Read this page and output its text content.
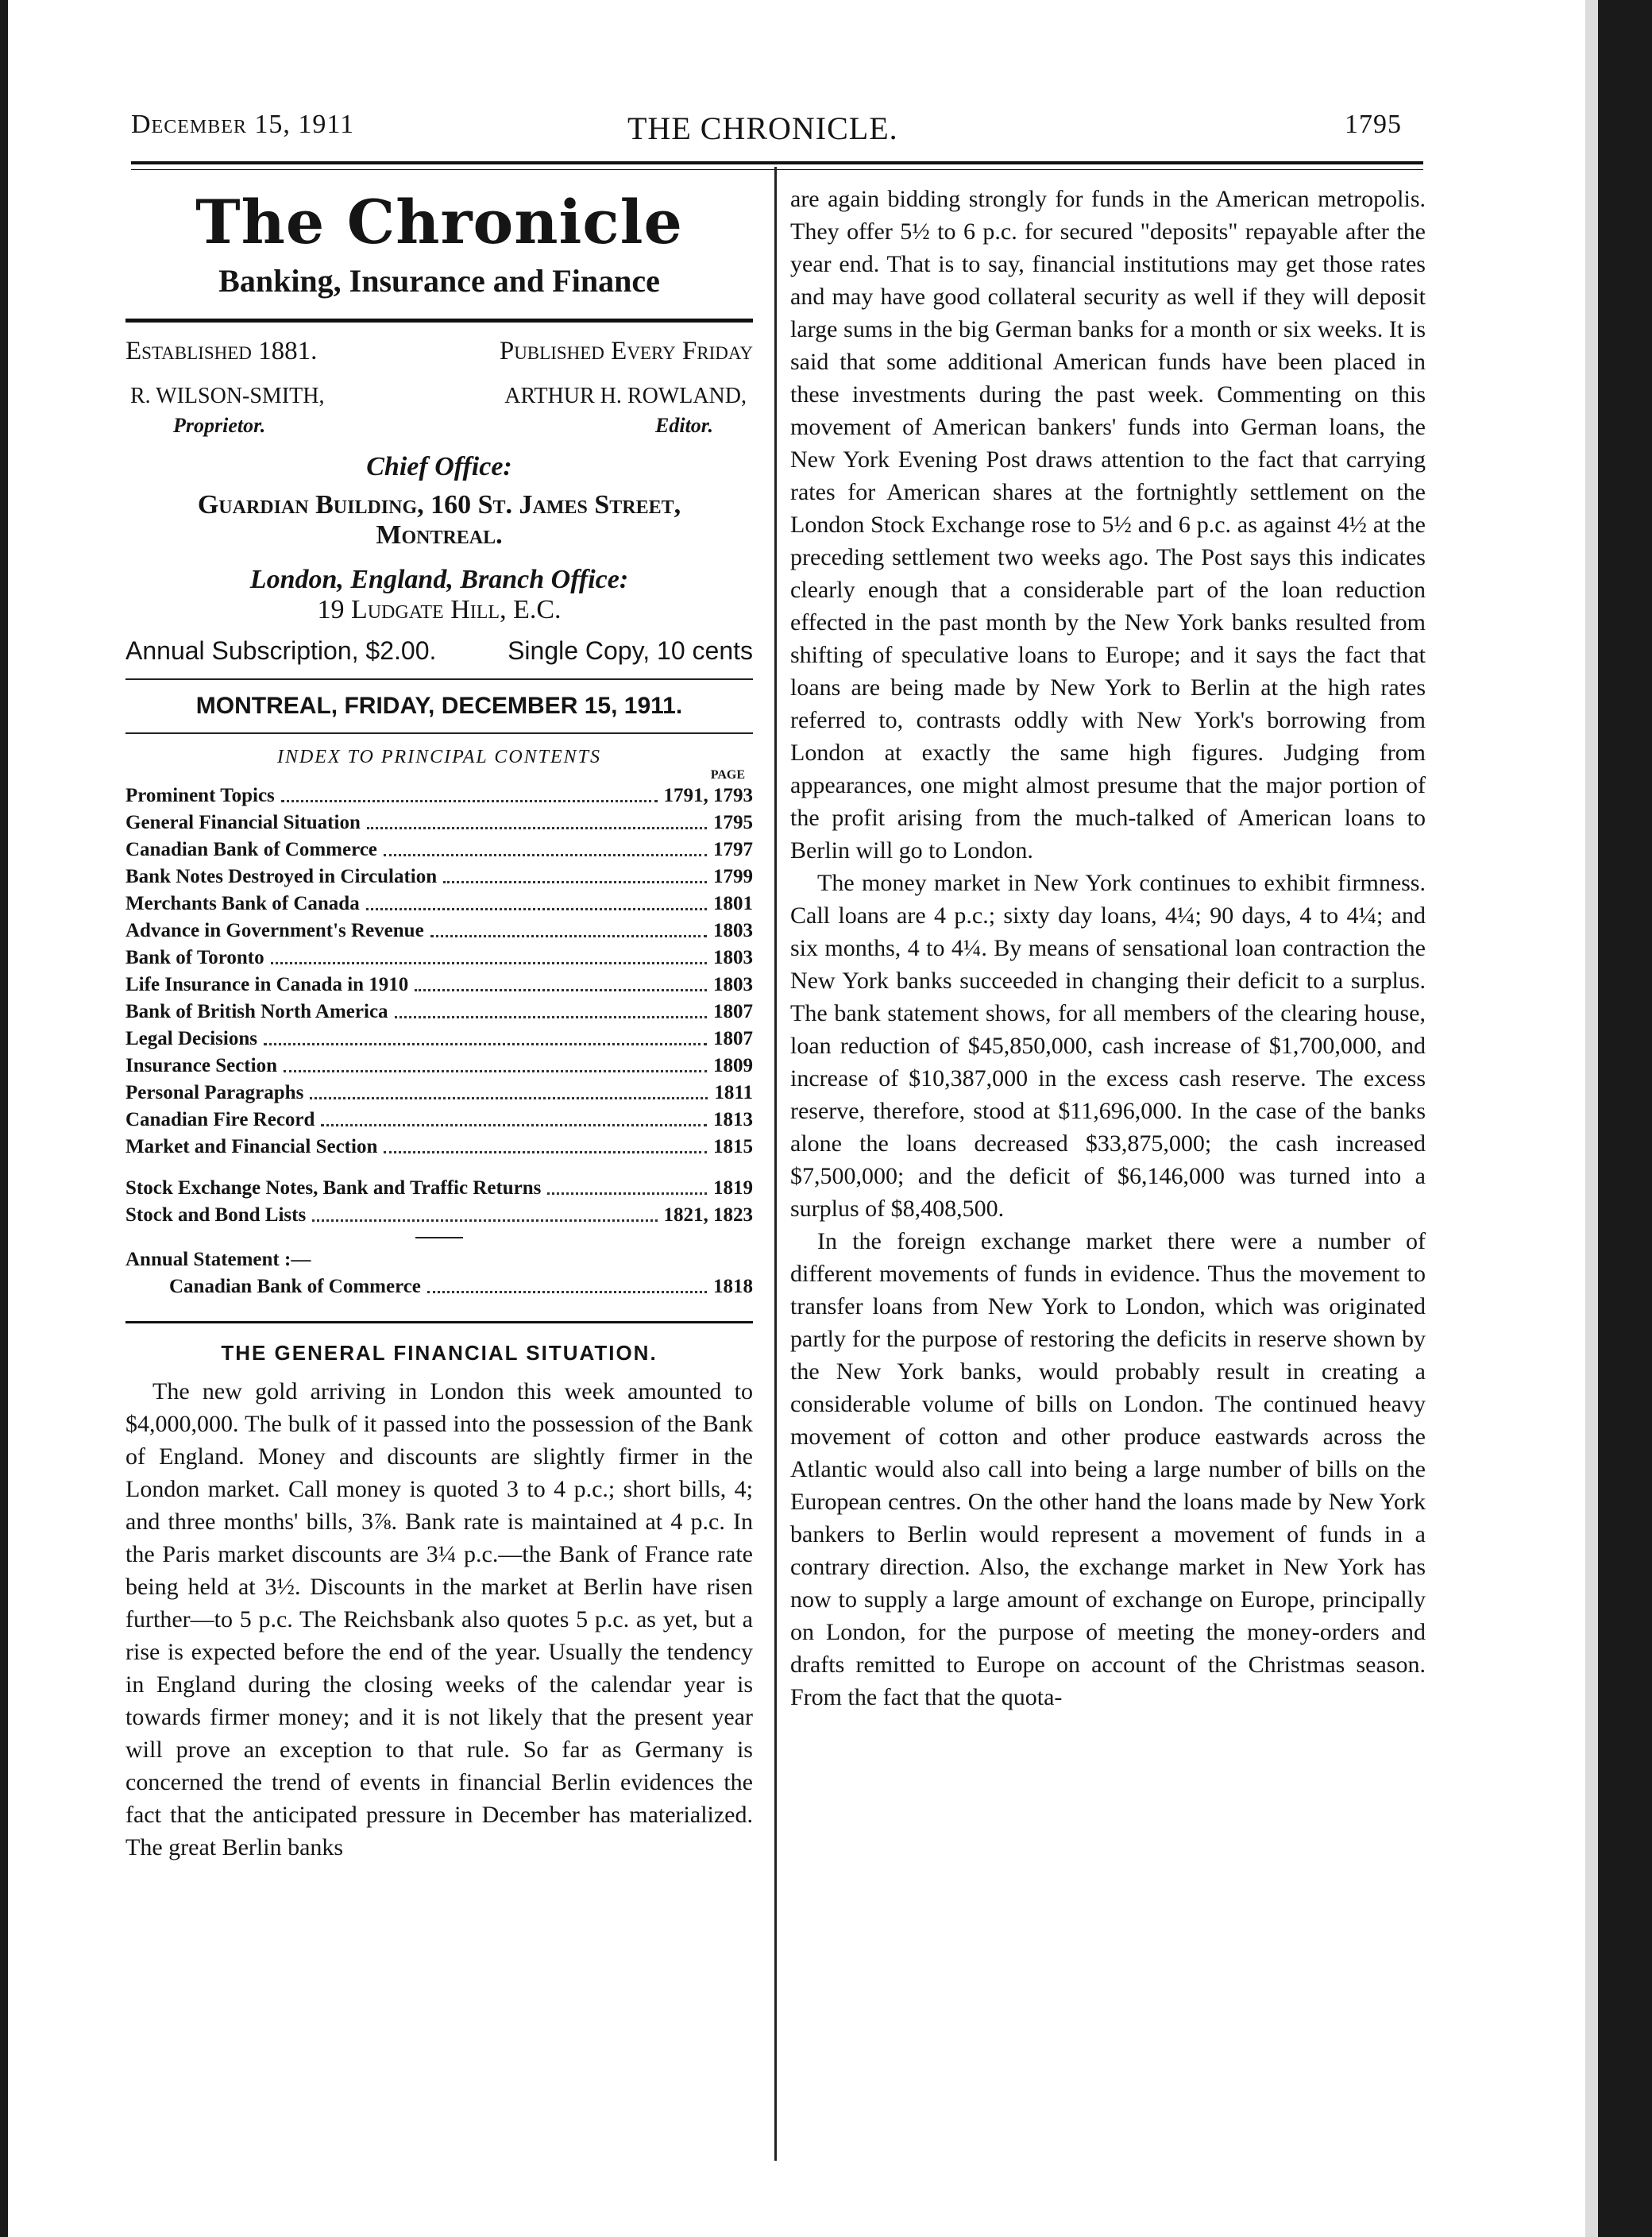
December 15, 1911	THE CHRONICLE.	1795
The Chronicle
Banking, Insurance and Finance
Established 1881.	Published Every Friday
R. WILSON-SMITH,	ARTHUR H. ROWLAND,
Proprietor.	Editor.
Chief Office:
Guardian Building, 160 St. James Street,
Montreal.
London, England, Branch Office:
19 Ludgate Hill, E.C.
Annual Subscription, $2.00.	Single Copy, 10 cents
MONTREAL, FRIDAY, DECEMBER 15, 1911.
INDEX TO PRINCIPAL CONTENTS
PAGE
Prominent Topics	1791, 1793
General Financial Situation	1795
Canadian Bank of Commerce	1797
Bank Notes Destroyed in Circulation	1799
Merchants Bank of Canada	1801
Advance in Government's Revenue	1803
Bank of Toronto	1803
Life Insurance in Canada in 1910	1803
Bank of British North America	1807
Legal Decisions	1807
Insurance Section	1809
Personal Paragraphs	1811
Canadian Fire Record	1813
Market and Financial Section	1815
Stock Exchange Notes, Bank and Traffic Returns	1819
Stock and Bond Lists	1821, 1823
Annual Statement :—
Canadian Bank of Commerce	1818
THE GENERAL FINANCIAL SITUATION.
The new gold arriving in London this week amounted to $4,000,000. The bulk of it passed into the possession of the Bank of England. Money and discounts are slightly firmer in the London market. Call money is quoted 3 to 4 p.c.; short bills, 4; and three months' bills, 3⅞. Bank rate is maintained at 4 p.c. In the Paris market discounts are 3¼ p.c.—the Bank of France rate being held at 3½. Discounts in the market at Berlin have risen further—to 5 p.c. The Reichsbank also quotes 5 p.c. as yet, but a rise is expected before the end of the year. Usually the tendency in England during the closing weeks of the calendar year is towards firmer money; and it is not likely that the present year will prove an exception to that rule. So far as Germany is concerned the trend of events in financial Berlin evidences the fact that the anticipated pressure in December has materialized. The great Berlin banks
are again bidding strongly for funds in the American metropolis. They offer 5½ to 6 p.c. for secured "deposits" repayable after the year end. That is to say, financial institutions may get those rates and may have good collateral security as well if they will deposit large sums in the big German banks for a month or six weeks. It is said that some additional American funds have been placed in these investments during the past week. Commenting on this movement of American bankers' funds into German loans, the New York Evening Post draws attention to the fact that carrying rates for American shares at the fortnightly settlement on the London Stock Exchange rose to 5½ and 6 p.c. as against 4½ at the preceding settlement two weeks ago. The Post says this indicates clearly enough that a considerable part of the loan reduction effected in the past month by the New York banks resulted from shifting of speculative loans to Europe; and it says the fact that loans are being made by New York to Berlin at the high rates referred to, contrasts oddly with New York's borrowing from London at exactly the same high figures. Judging from appearances, one might almost presume that the major portion of the profit arising from the much-talked of American loans to Berlin will go to London.
The money market in New York continues to exhibit firmness. Call loans are 4 p.c.; sixty day loans, 4¼; 90 days, 4 to 4¼; and six months, 4 to 4¼. By means of sensational loan contraction the New York banks succeeded in changing their deficit to a surplus. The bank statement shows, for all members of the clearing house, loan reduction of $45,850,000, cash increase of $1,700,000, and increase of $10,387,000 in the excess cash reserve. The excess reserve, therefore, stood at $11,696,000. In the case of the banks alone the loans decreased $33,875,000; the cash increased $7,500,000; and the deficit of $6,146,000 was turned into a surplus of $8,408,500.
In the foreign exchange market there were a number of different movements of funds in evidence. Thus the movement to transfer loans from New York to London, which was originated partly for the purpose of restoring the deficits in reserve shown by the New York banks, would probably result in creating a considerable volume of bills on London. The continued heavy movement of cotton and other produce eastwards across the Atlantic would also call into being a large number of bills on the European centres. On the other hand the loans made by New York bankers to Berlin would represent a movement of funds in a contrary direction. Also, the exchange market in New York has now to supply a large amount of exchange on Europe, principally on London, for the purpose of meeting the money-orders and drafts remitted to Europe on account of the Christmas season. From the fact that the quota-
